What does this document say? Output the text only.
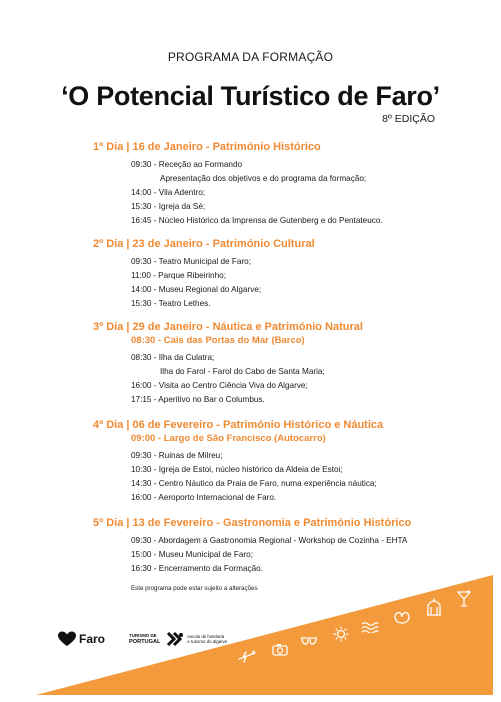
PROGRAMA DA FORMAÇÃO
‘O Potencial Turístico de Faro’
8º EDIÇÃO
1º Dia | 16 de Janeiro - Património Histórico
09:30 - Receção ao Formando
Apresentação dos objetivos e do programa da formação;
14:00 - Vila Adentro;
15:30 - Igreja da Sé;
16:45 - Núcleo Histórico da Imprensa de Gutenberg e do Pentateuco.
2º Dia | 23 de Janeiro - Património Cultural
09:30 - Teatro Municipal de Faro;
11:00 - Parque Ribeirinho;
14:00 - Museu Regional do Algarve;
15:30 - Teatro Lethes.
3º Dia | 29 de Janeiro - Náutica e Património Natural
08:30 - Cais das Portas do Mar (Barco)
08:30 - Ilha da Culatra;
Ilha do Farol - Farol do Cabo de Santa Maria;
16:00 - Visita ao Centro Ciência Viva do Algarve;
17:15 - Aperitivo no Bar o Columbus.
4º Dia | 06 de Fevereiro - Património Histórico e Náutica
09:00 - Largo de São Francisco (Autocarro)
09:30 - Ruinas de Milreu;
10:30 - Igreja de Estoi, núcleo histórico da Aldeia de Estoi;
14:30 - Centro Náutico da Praia de Faro, numa experiência náutica;
16:00 - Aeroporto Internacional de Faro.
5º Dia | 13 de Fevereiro - Gastronomia e Património Histórico
09:30 - Abordagem à Gastronomia Regional - Workshop de Cozinha - EHTA
15:00 - Museu Municipal de Faro;
16:30 - Encerramento da Formação.
Este programa pode estar sujeito a alterações
Faro	TURISMO DE
PORTUGAL
escola de hotelaria
e turismo do algarve
